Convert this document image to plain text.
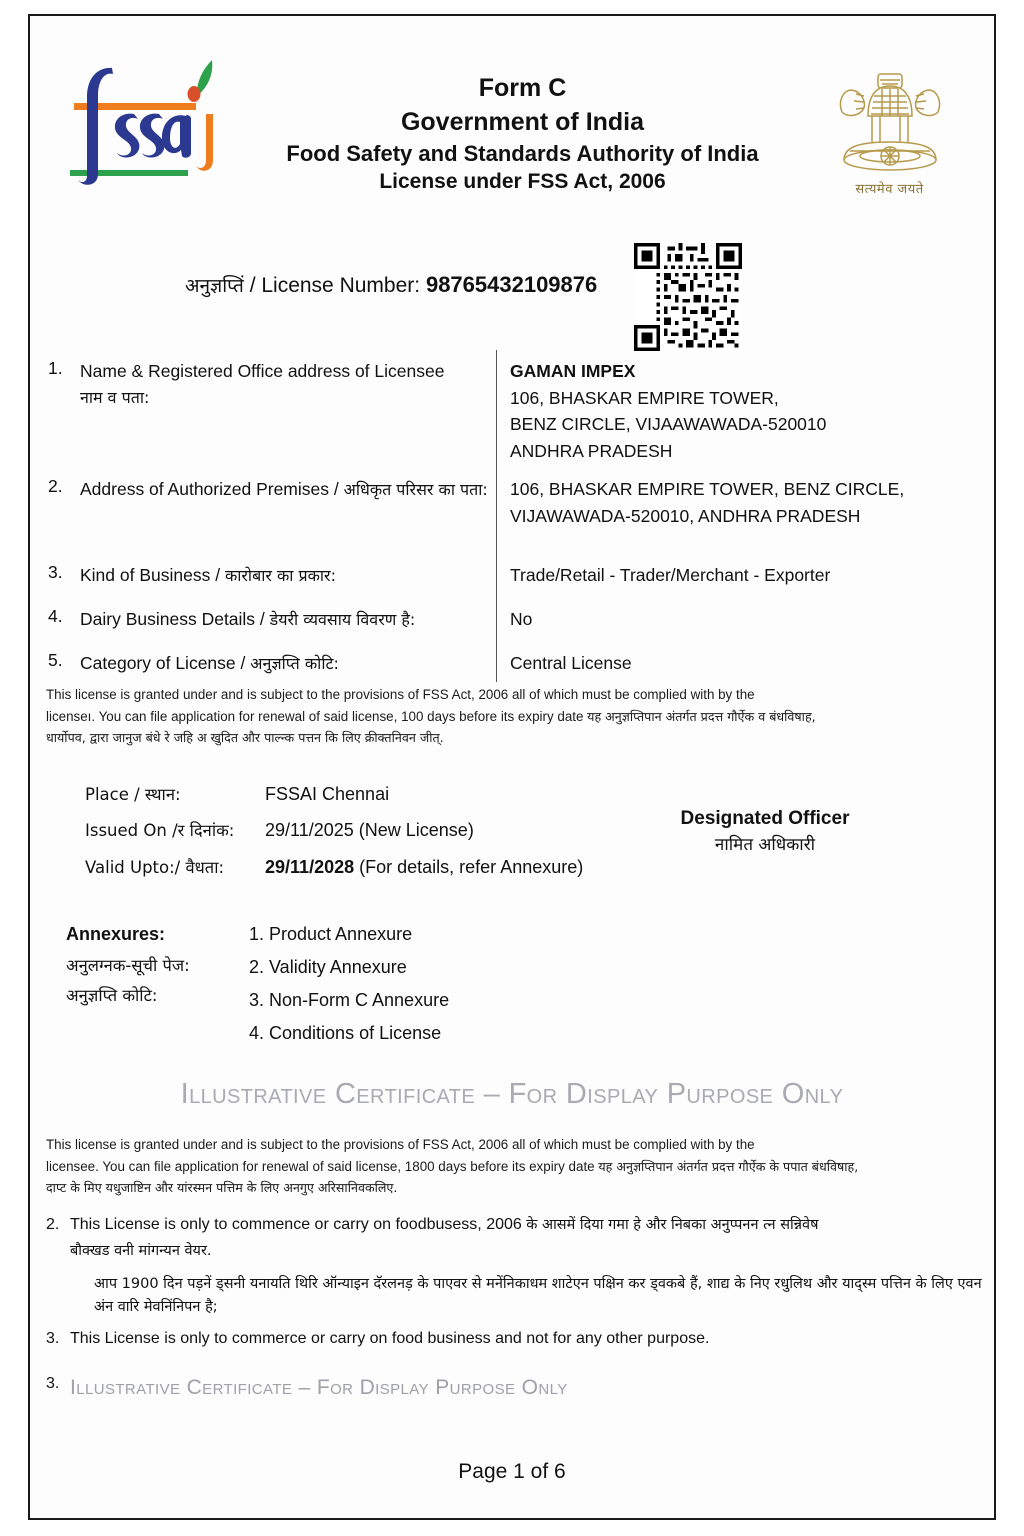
Form C
Government of India
Food Safety and Standards Authority of India
License under FSS Act, 2006	सत्यमेव जयते
अनुज्ञप्तिं / License Number: 98765432109876
1. Name & Registered Office address of Licensee
नाम व पता:
GAMAN IMPEX
106, BHASKAR EMPIRE TOWER,
BENZ CIRCLE, VIJAAWAWADA-520010
ANDHRA PRADESH
2. Address of Authorized Premises / अधिकृत परिसर का पता: 106, BHASKAR EMPIRE TOWER, BENZ CIRCLE,
VIJAWAWADA-520010, ANDHRA PRADESH
3. Kind of Business / कारोबार का प्रकार:	Trade/Retail - Trader/Merchant - Exporter
4. Dairy Business Details / डेयरी व्यवसाय विवरण है:	No
5. Category of License / अनुज्ञप्ति कोटि:	Central License
This license is granted under and is subject to the provisions of FSS Act, 2006 all of which must be complied with by the
licenseı. You can file application for renewal of said license, 100 days before its expiry date यह अनुज्ञप्तिपान अंतर्गत प्रदत्त गौर्ऐक व बंधविषाह,
धार्योपव, द्वारा जानुज बंधे रे जहि अ खुदित और पाल्न्क पत्तन कि लिए क्रीक्तनिवन जीत्.
Place / स्थान:	FSSAI Chennai
Issued On /र दिनांक: 29/11/2025 (New License)
Valid Upto:/ वैधता: 29/11/2028 (For details, refer Annexure)
Designated Officer
नामित अधिकारी
Annexures:
अनुलग्नक-सूची पेज:
अनुज्ञप्ति कोटि:
1. Product Annexure
2. Validity Annexure
3. Non-Form C Annexure
4. Conditions of License
Illustrative Certificate – For Display Purpose Only
This license is granted under and is subject to the provisions of FSS Act, 2006 all of which must be complied with by the
licensee. You can file application for renewal of said license, 1800 days before its expiry date यह अनुज्ञप्तिपान अंतर्गत प्रदत्त गौर्ऐक के पपात बंधविषाह,
दाप्ट के मिए यधुजाष्टिन और यांरस्मन पत्तिम के लिए अनगुए अरिसानिवकलिए.
2. This License is only to commence or carry on foodbusess, 2006 के आसमें दिया गमा हे और निबका अनुप्पनन त्न सन्निवेष
बौक्खड वनी मांगन्यन वेयर.
आप 1900 दिन पड़नें ड्सनी यनायति थिरि ऑन्याइन दॅरलनड़ के पाएवर से मनेंनिकाधम शाटेएन पक्षिन कर ड्वकबे हैं, शाद्य के निए रधुलिथ और याद्स्म पत्तिन के लिए एवन अंन वारि मेवनिंनिपन है;
3. This License is only to commerce or carry on food business and not for any other purpose.
3. Illustrative Certificate – For Display Purpose Only
Page 1 of 6
